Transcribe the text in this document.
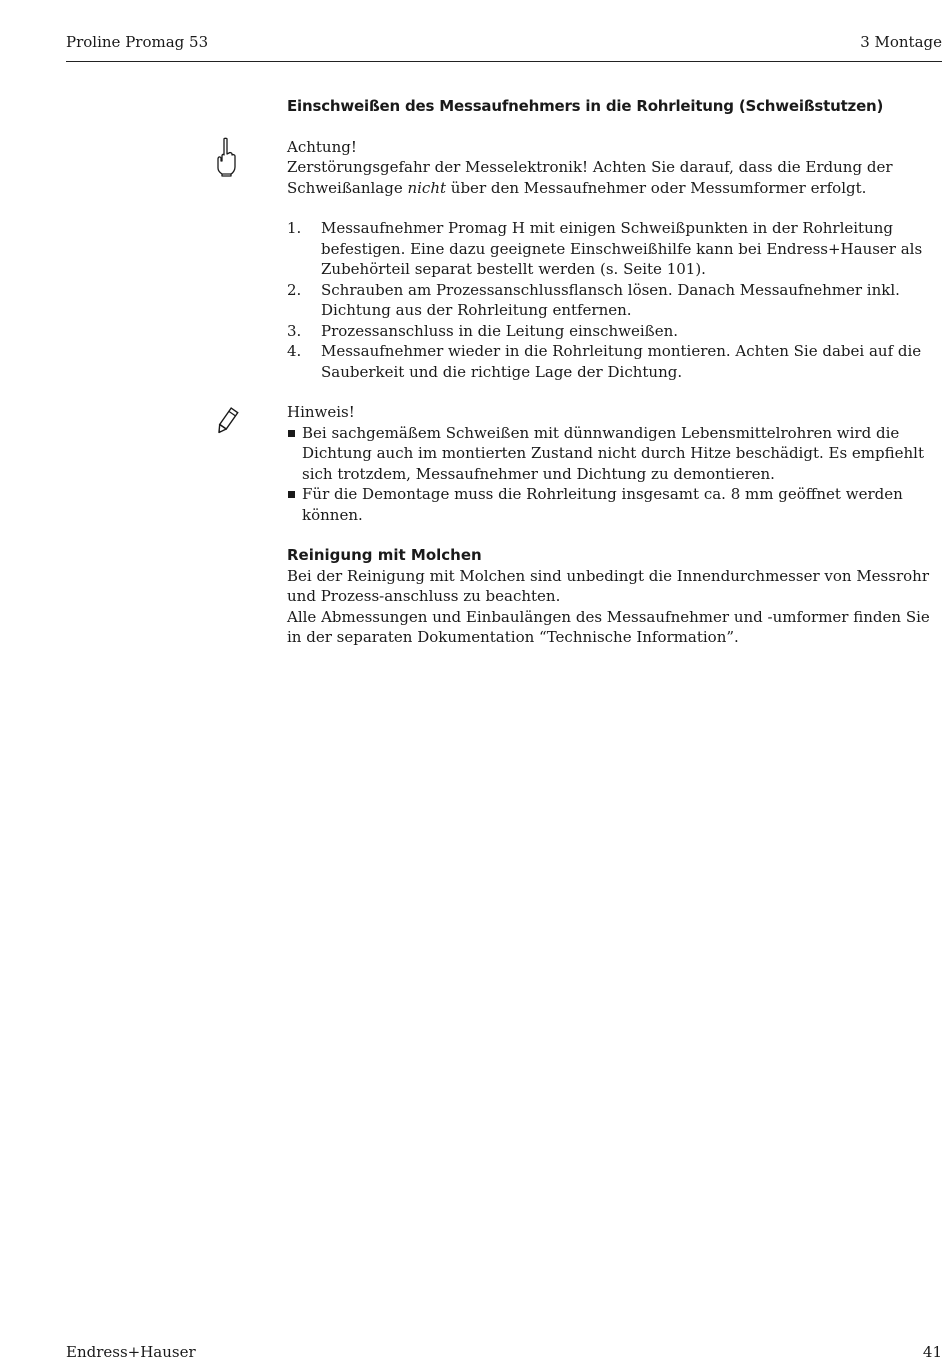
Proline Promag 53	3 Montage
Einschweißen des Messaufnehmers in die Rohrleitung (Schweißstutzen)

Achtung!

Zerstörungsgefahr der Messelektronik! Achten Sie darauf, dass die Erdung der Schweißanlage nicht über den Messaufnehmer oder Messumformer erfolgt.

1. Messaufnehmer Promag H mit einigen Schweißpunkten in der Rohrleitung befestigen. Eine dazu geeignete Einschweißhilfe kann bei Endress+Hauser als Zubehörteil separat bestellt werden (s. Seite 101).
2. Schrauben am Prozessanschlussflansch lösen. Danach Messaufnehmer inkl. Dichtung aus der Rohrleitung entfernen.
3. Prozessanschluss in die Leitung einschweißen.
4. Messaufnehmer wieder in die Rohrleitung montieren. Achten Sie dabei auf die Sauberkeit und die richtige Lage der Dichtung.

Hinweis!

Bei sachgemäßem Schweißen mit dünnwandigen Lebensmittelrohren wird die Dichtung auch im montierten Zustand nicht durch Hitze beschädigt. Es empfiehlt sich trotzdem, Messaufnehmer und Dichtung zu demontieren.
Für die Demontage muss die Rohrleitung insgesamt ca. 8 mm geöffnet werden können.

Reinigung mit Molchen

Bei der Reinigung mit Molchen sind unbedingt die Innendurchmesser von Messrohr und Prozess-anschluss zu beachten.

Alle Abmessungen und Einbaulängen des Messaufnehmer und -umformer finden Sie in der separaten Dokumentation “Technische Information”.

Endress+Hauser	41
